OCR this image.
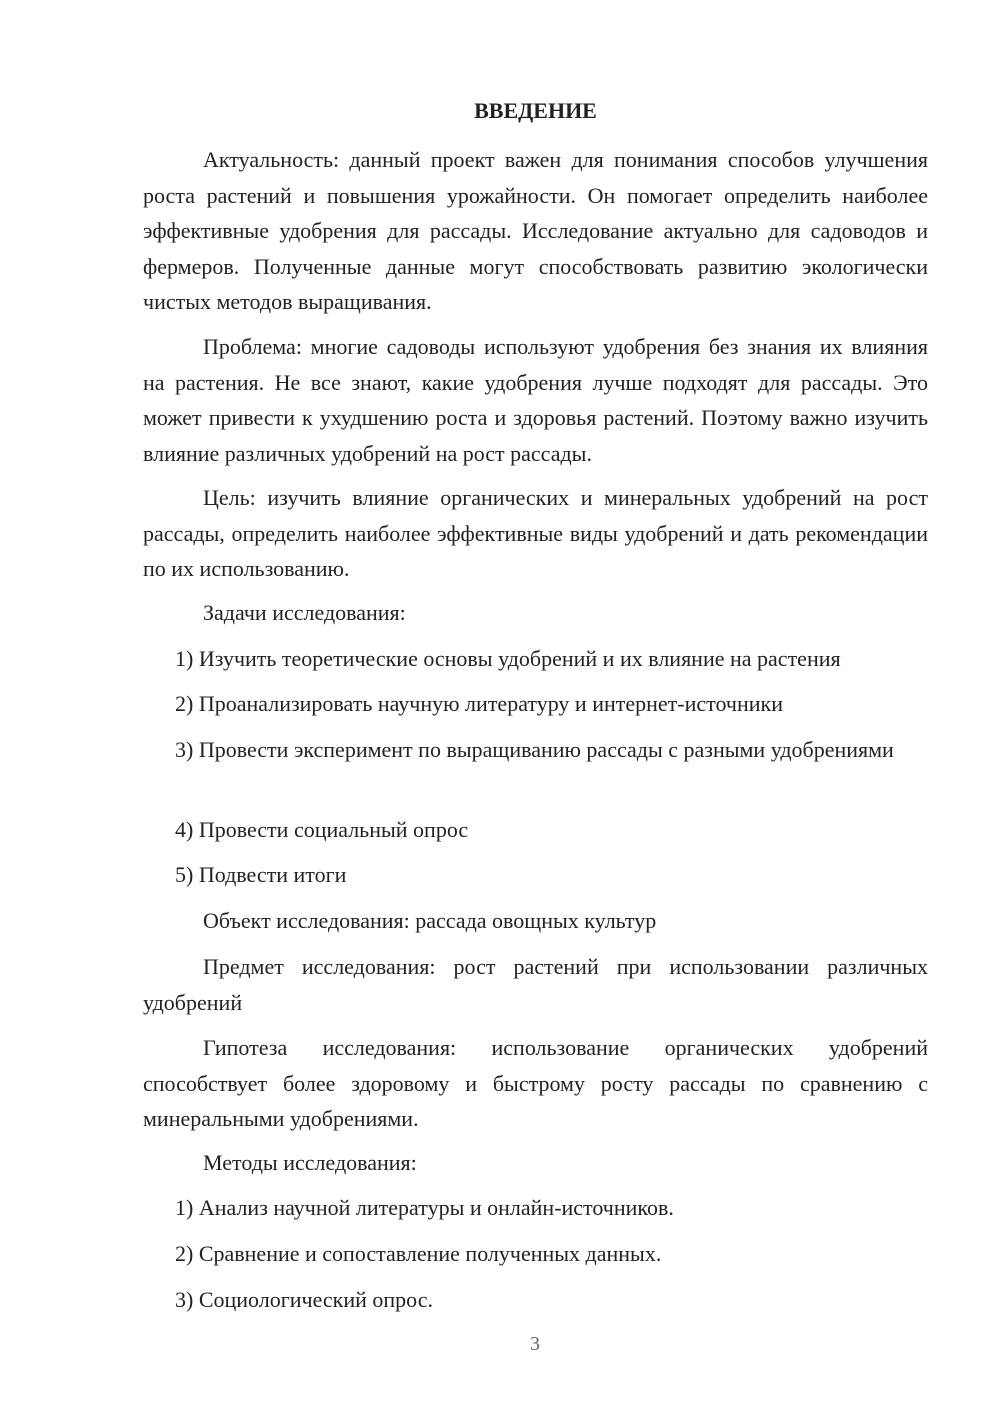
ВВЕДЕНИЕ

Актуальность: данный проект важен для понимания способов улучшения роста растений и повышения урожайности. Он помогает определить наиболее эффективные удобрения для рассады. Исследование актуально для садоводов и фермеров. Полученные данные могут способствовать развитию экологически чистых методов выращивания.

Проблема: многие садоводы используют удобрения без знания их влияния на растения. Не все знают, какие удобрения лучше подходят для рассады. Это может привести к ухудшению роста и здоровья растений. Поэтому важно изучить влияние различных удобрений на рост рассады.

Цель: изучить влияние органических и минеральных удобрений на рост рассады, определить наиболее эффективные виды удобрений и дать рекомендации по их использованию.

Задачи исследования:

1) Изучить теоретические основы удобрений и их влияние на растения

2) Проанализировать научную литературу и интернет-источники

3) Провести эксперимент по выращиванию рассады с разными удобрениями

4) Провести социальный опрос

5) Подвести итоги

Объект исследования: рассада овощных культур

Предмет исследования: рост растений при использовании различных удобрений

Гипотеза исследования: использование органических удобрений способствует более здоровому и быстрому росту рассады по сравнению с минеральными удобрениями.

Методы исследования:

1) Анализ научной литературы и онлайн-источников.

2) Сравнение и сопоставление полученных данных.

3) Социологический опрос.

3
